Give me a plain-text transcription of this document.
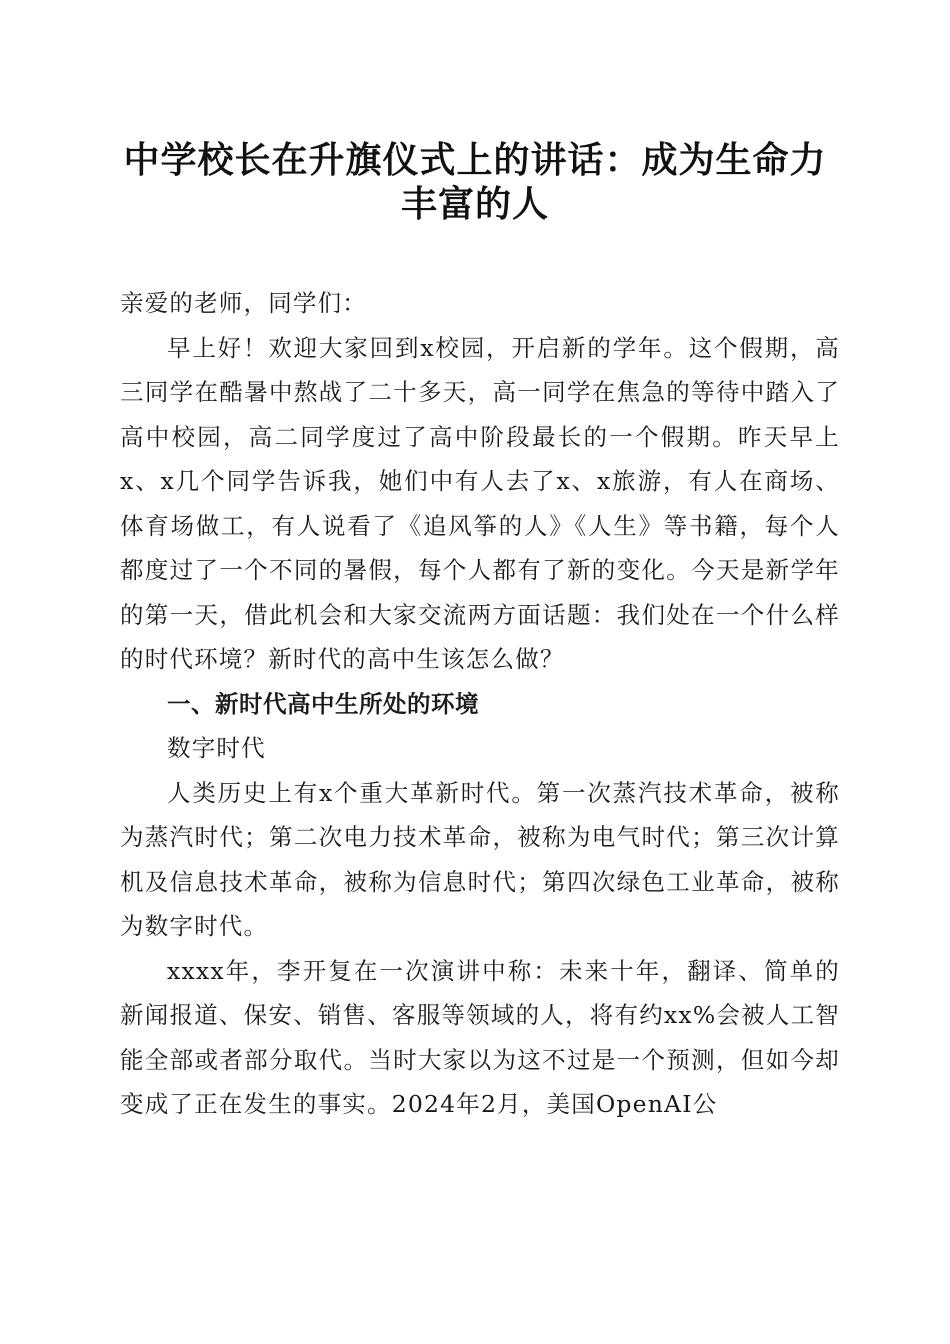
中学校长在升旗仪式上的讲话：成为生命力丰富的人

亲爱的老师，同学们：

早上好！欢迎大家回到x校园，开启新的学年。这个假期，高三同学在酷暑中熬战了二十多天，高一同学在焦急的等待中踏入了高中校园，高二同学度过了高中阶段最长的一个假期。昨天早上x、x几个同学告诉我，她们中有人去了x、x旅游，有人在商场、体育场做工，有人说看了《追风筝的人》《人生》等书籍，每个人都度过了一个不同的暑假，每个人都有了新的变化。今天是新学年的第一天，借此机会和大家交流两方面话题：我们处在一个什么样的时代环境？新时代的高中生该怎么做？

一、新时代高中生所处的环境

数字时代

人类历史上有x个重大革新时代。第一次蒸汽技术革命，被称为蒸汽时代；第二次电力技术革命，被称为电气时代；第三次计算机及信息技术革命，被称为信息时代；第四次绿色工业革命，被称为数字时代。

xxxx年，李开复在一次演讲中称：未来十年，翻译、简单的新闻报道、保安、销售、客服等领域的人，将有约xx%会被人工智能全部或者部分取代。当时大家以为这不过是一个预测，但如今却变成了正在发生的事实。2024年2月，美国OpenAI公
